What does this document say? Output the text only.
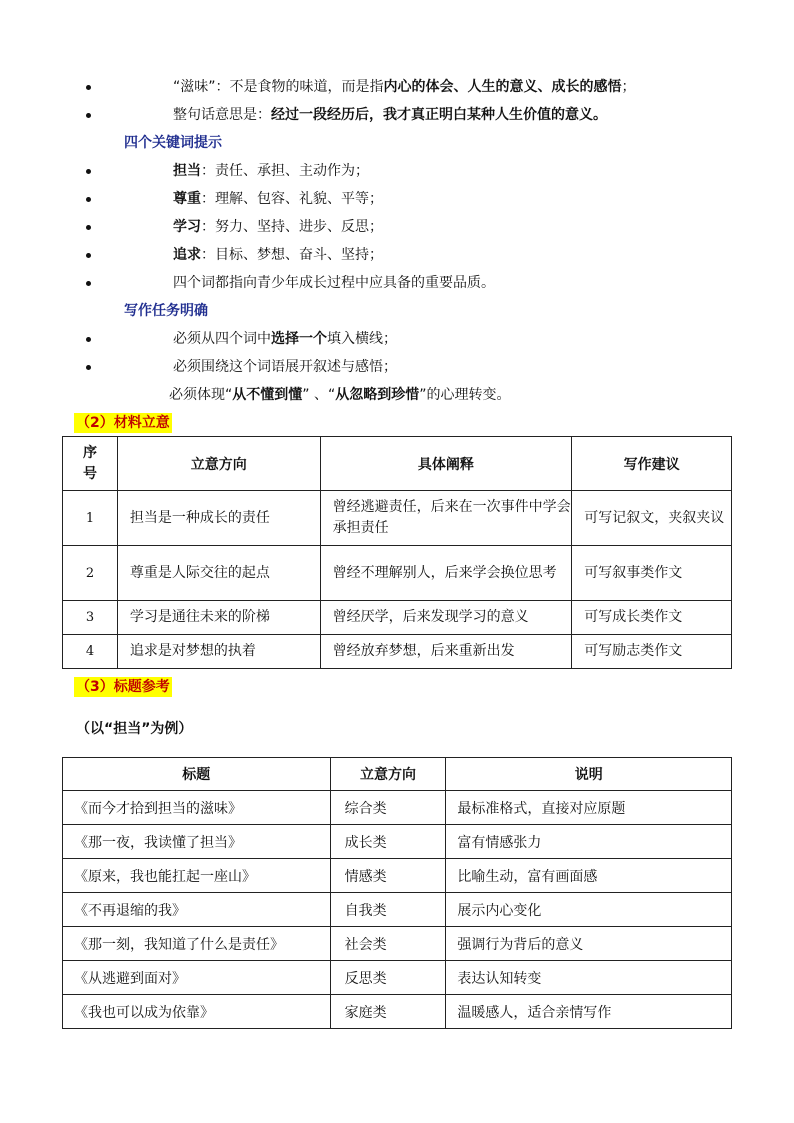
“滋味”：不是食物的味道，而是指内心的体会、人生的意义、成长的感悟；
整句话意思是：经过一段经历后，我才真正明白某种人生价值的意义。
四个关键词提示
担当：责任、承担、主动作为；
尊重：理解、包容、礼貌、平等；
学习：努力、坚持、进步、反思；
追求：目标、梦想、奋斗、坚持；
四个词都指向青少年成长过程中应具备的重要品质。
写作任务明确
必须从四个词中选择一个填入横线；
必须围绕这个词语展开叙述与感悟；
必须体现“从不懂到懂” 、“从忽略到珍惜”的心理转变。
（2）材料立意
序号	立意方向	具体阐释	写作建议
1	担当是一种成长的责任	曾经逃避责任，后来在一次事件中学会承担责任	可写记叙文，夹叙夹议
2	尊重是人际交往的起点	曾经不理解别人，后来学会换位思考	可写叙事类作文
3	学习是通往未来的阶梯	曾经厌学，后来发现学习的意义	可写成长类作文
4	追求是对梦想的执着	曾经放弃梦想，后来重新出发	可写励志类作文
（3）标题参考
（以“担当”为例）
标题	立意方向	说明
《而今才拾到担当的滋味》	综合类	最标准格式，直接对应原题
《那一夜，我读懂了担当》	成长类	富有情感张力
《原来，我也能扛起一座山》	情感类	比喻生动，富有画面感
《不再退缩的我》	自我类	展示内心变化
《那一刻，我知道了什么是责任》	社会类	强调行为背后的意义
《从逃避到面对》	反思类	表达认知转变
《我也可以成为依靠》	家庭类	温暖感人，适合亲情写作
